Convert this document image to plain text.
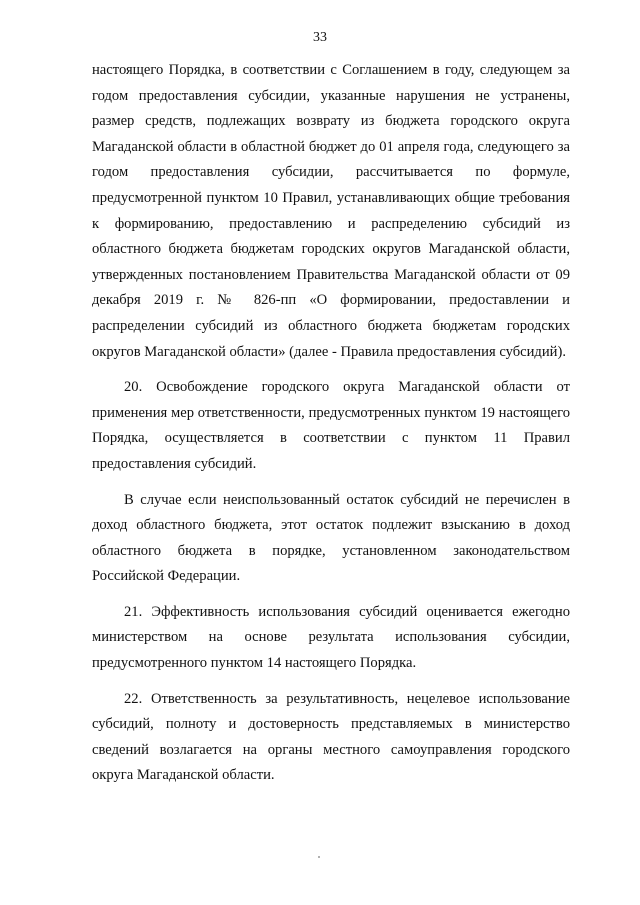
33

настоящего Порядка, в соответствии с Соглашением в году, следующем за годом предоставления субсидии, указанные нарушения не устранены, размер средств, подлежащих возврату из бюджета городского округа Магаданской области в областной бюджет до 01 апреля года, следующего за годом предоставления субсидии, рассчитывается по формуле, предусмотренной пунктом 10 Правил, устанавливающих общие требования к формированию, предоставлению и распределению субсидий из областного бюджета бюджетам городских округов Магаданской области, утвержденных постановлением Правительства Магаданской области от 09 декабря 2019 г. № 826-пп «О формировании, предоставлении и распределении субсидий из областного бюджета бюджетам городских округов Магаданской области» (далее - Правила предоставления субсидий).

20. Освобождение городского округа Магаданской области от применения мер ответственности, предусмотренных пунктом 19 настоящего Порядка, осуществляется в соответствии с пунктом 11 Правил предоставления субсидий.

В случае если неиспользованный остаток субсидий не перечислен в доход областного бюджета, этот остаток подлежит взысканию в доход областного бюджета в порядке, установленном законодательством Российской Федерации.

21. Эффективность использования субсидий оценивается ежегодно министерством на основе результата использования субсидии, предусмотренного пунктом 14 настоящего Порядка.

22. Ответственность за результативность, нецелевое использование субсидий, полноту и достоверность представляемых в министерство сведений возлагается на органы местного самоуправления городского округа Магаданской области.
